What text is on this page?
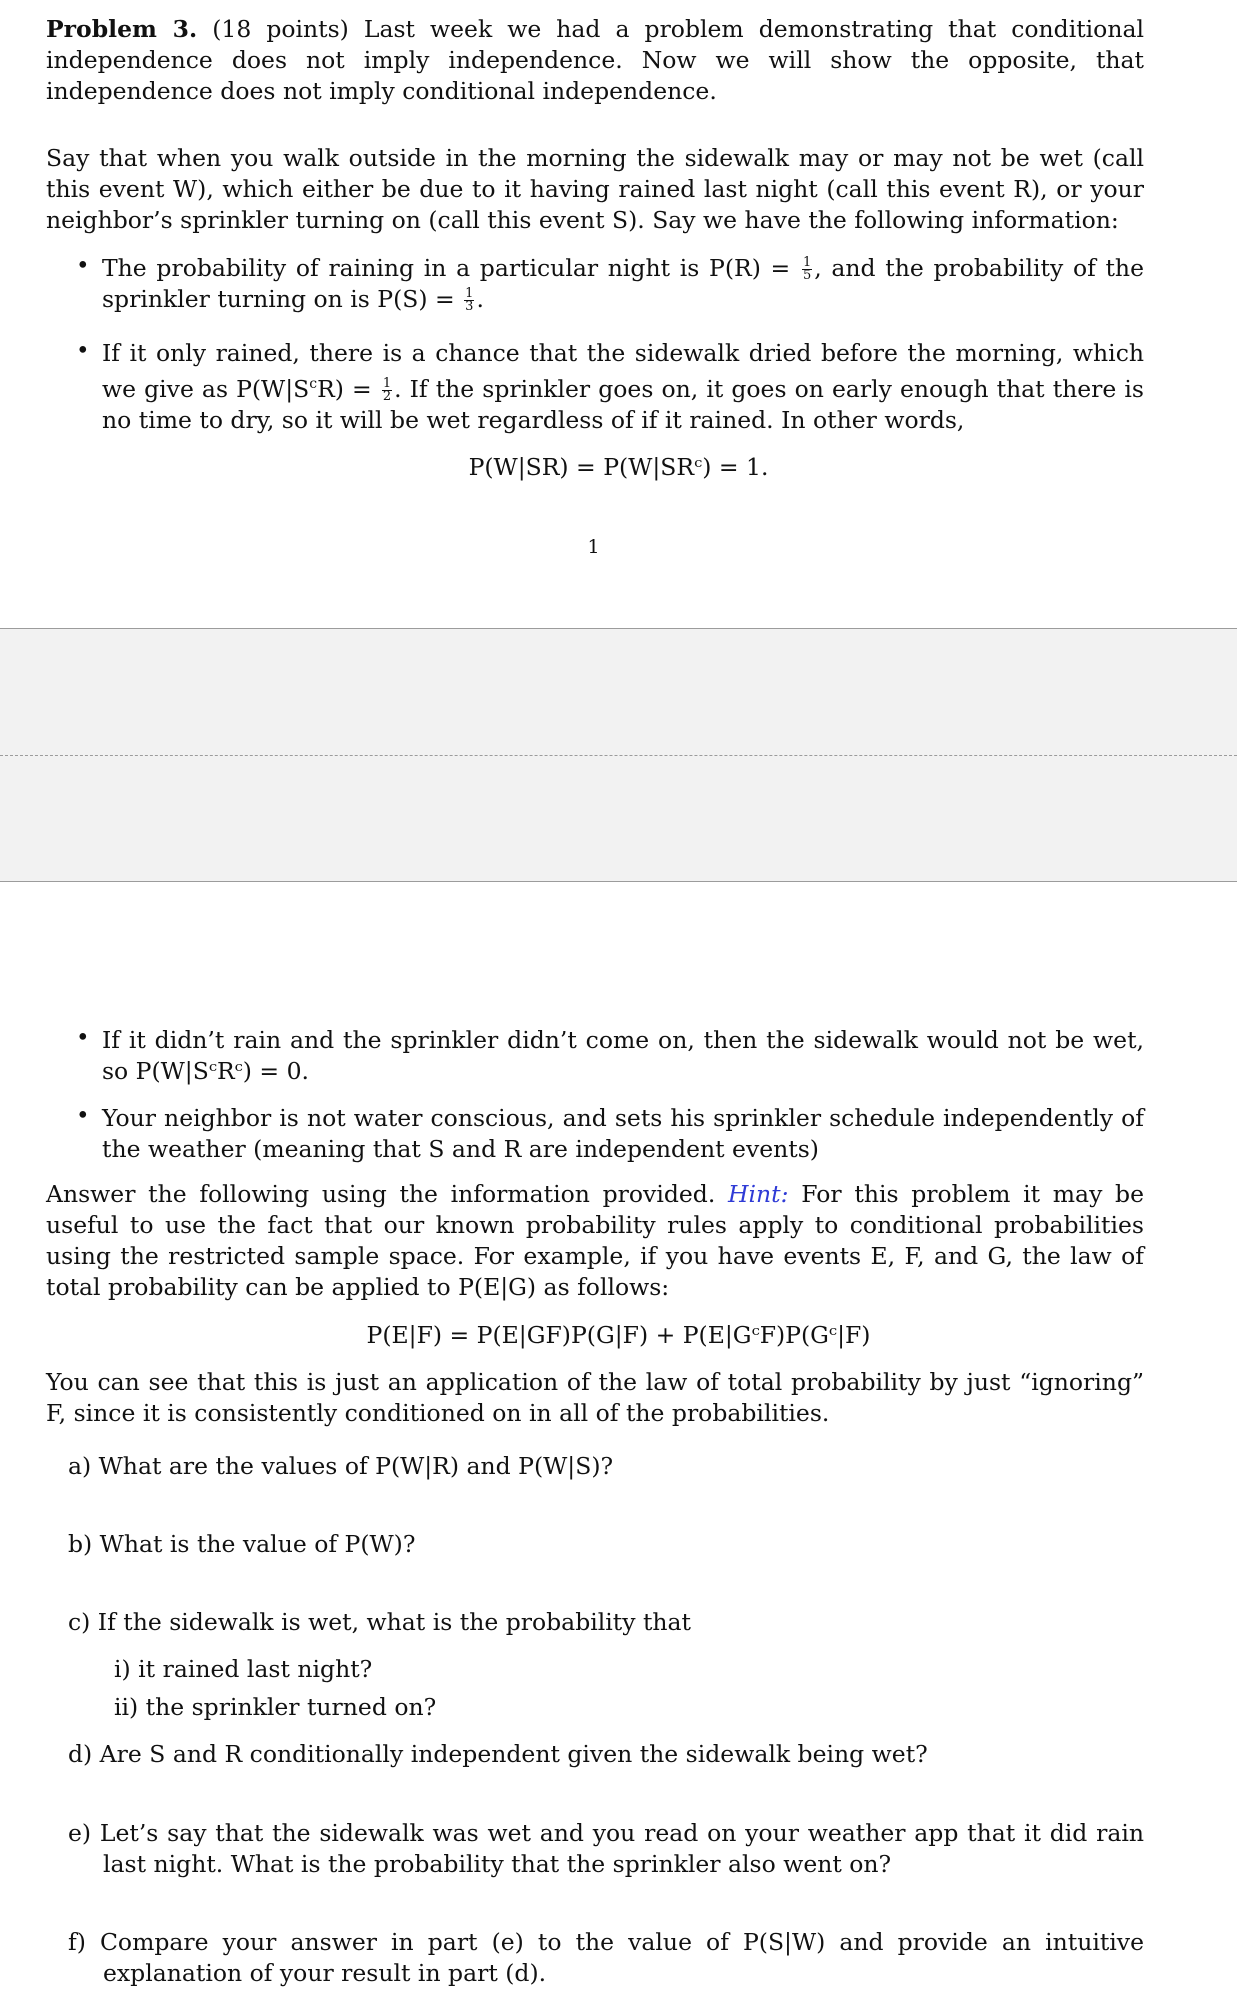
Problem 3. (18 points) Last week we had a problem demonstrating that conditional independence does not imply independence. Now we will show the opposite, that independence does not imply conditional independence.
Say that when you walk outside in the morning the sidewalk may or may not be wet (call this event W), which either be due to it having rained last night (call this event R), or your neighbor’s sprinkler turning on (call this event S). Say we have the following information:
• The probability of raining in a particular night is $P(R) = \frac{1}{5}$ , and the probability of the sprinkler turning on is $P(S) = \frac{1}{3}$ .
• If it only rained, there is a chance that the sidewalk dried before the morning, which we give as $P(W|S^cR) = \frac{1}{2}$ . If the sprinkler goes on, it goes on early enough that there is no time to dry, so it will be wet regardless of if it rained. In other words,
P(W|SR) = P(W|SRᶜ) = 1.
1
• If it didn’t rain and the sprinkler didn’t come on, then the sidewalk would not be wet, so P(W|SᶜRᶜ) = 0.
• Your neighbor is not water conscious, and sets his sprinkler schedule independently of the weather (meaning that S and R are independent events)
Answer the following using the information provided. Hint: For this problem it may be useful to use the fact that our known probability rules apply to conditional probabilities using the restricted sample space. For example, if you have events E, F, and G, the law of total probability can be applied to P(E|G) as follows:
P(E|F) = P(E|GF)P(G|F) + P(E|GᶜF)P(Gᶜ|F)
You can see that this is just an application of the law of total probability by just “ignoring” F, since it is consistently conditioned on in all of the probabilities.
a) What are the values of P(W|R) and P(W|S)?
b) What is the value of P(W)?
c) If the sidewalk is wet, what is the probability that
i) it rained last night?
ii) the sprinkler turned on?
d) Are S and R conditionally independent given the sidewalk being wet?
e) Let’s say that the sidewalk was wet and you read on your weather app that it did rain last night. What is the probability that the sprinkler also went on?
f) Compare your answer in part (e) to the value of P(S|W) and provide an intuitive explanation of your result in part (d).
